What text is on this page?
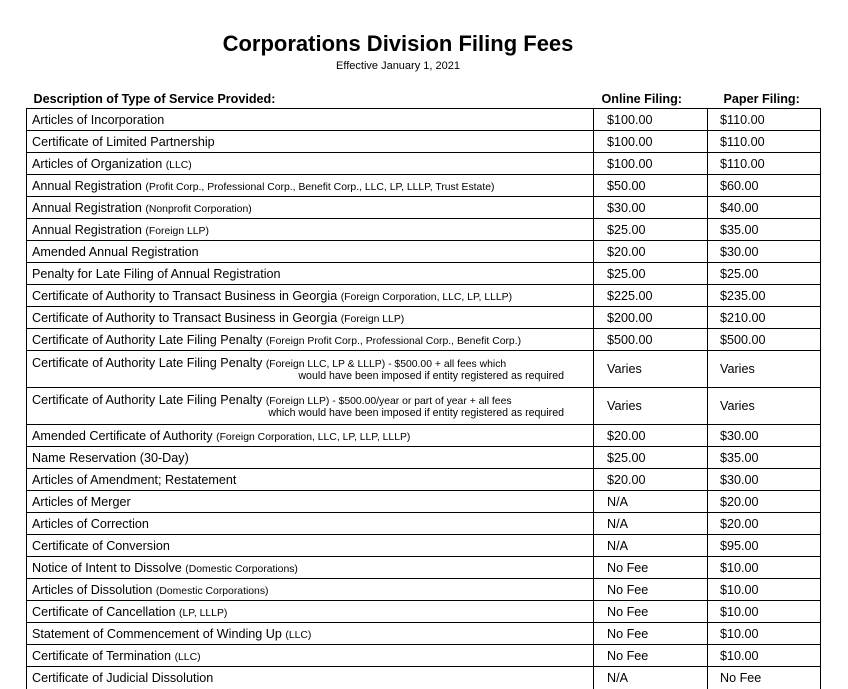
Corporations Division Filing Fees
Effective January 1, 2021
Description of Type of Service Provided:	Online Filing:	Paper Filing:

Articles of Incorporation	$100.00	$110.00

Certificate of Limited Partnership	$100.00	$110.00

Articles of Organization (LLC)	$100.00	$110.00

Annual Registration (Profit Corp., Professional Corp., Benefit Corp., LLC, LP, LLLP, Trust Estate)	$50.00	$60.00

Annual Registration (Nonprofit Corporation)	$30.00	$40.00

Annual Registration (Foreign LLP)	$25.00	$35.00

Amended Annual Registration	$20.00	$30.00

Penalty for Late Filing of Annual Registration	$25.00	$25.00

Certificate of Authority to Transact Business in Georgia (Foreign Corporation, LLC, LP, LLLP)	$225.00	$235.00

Certificate of Authority to Transact Business in Georgia (Foreign LLP)	$200.00	$210.00

Certificate of Authority Late Filing Penalty (Foreign Profit Corp., Professional Corp., Benefit Corp.)	$500.00	$500.00

Certificate of Authority Late Filing Penalty (Foreign LLC, LP & LLLP) - $500.00 + all fees which
would have been imposed if entity registered as required	Varies	Varies

Certificate of Authority Late Filing Penalty (Foreign LLP) - $500.00/year or part of year + all fees
which would have been imposed if entity registered as required	Varies	Varies

Amended Certificate of Authority (Foreign Corporation, LLC, LP, LLP, LLLP)	$20.00	$30.00

Name Reservation (30-Day)	$25.00	$35.00

Articles of Amendment; Restatement	$20.00	$30.00

Articles of Merger	N/A	$20.00

Articles of Correction	N/A	$20.00

Certificate of Conversion	N/A	$95.00

Notice of Intent to Dissolve (Domestic Corporations)	No Fee	$10.00

Articles of Dissolution (Domestic Corporations)	No Fee	$10.00

Certificate of Cancellation (LP, LLLP)	No Fee	$10.00

Statement of Commencement of Winding Up (LLC)	No Fee	$10.00

Certificate of Termination (LLC)	No Fee	$10.00

Certificate of Judicial Dissolution	N/A	No Fee
